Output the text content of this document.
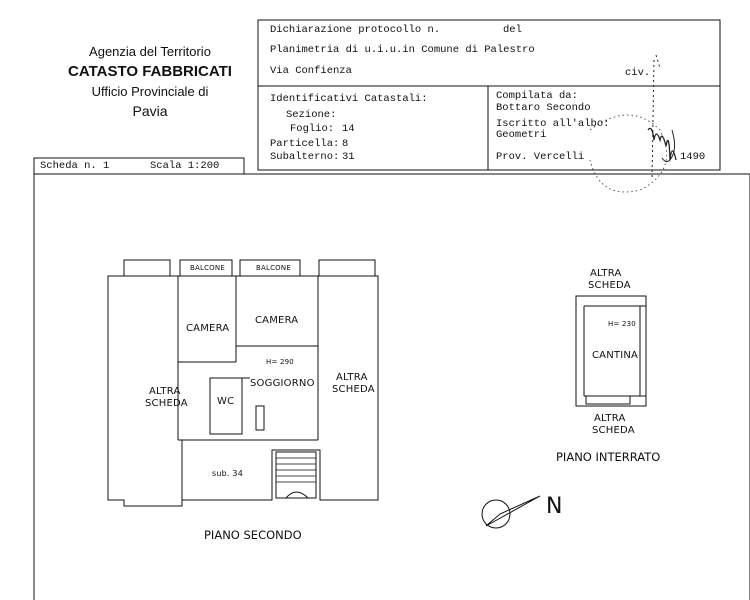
Agenzia del Territorio
CATASTO FABBRICATI
Ufficio Provinciale di
Pavia
Dichiarazione protocollo n.	del
Planimetria di u.i.u.in Comune di Palestro
Via Confienza	civ.
Identificativi Catastali:
Sezione:
Foglio: 14
Particella: 8
Subalterno: 31
Compilata da:
Bottaro Secondo
Iscritto all'albo:
Geometri
Prov. Vercelli	1490
Scheda n. 1	Scala 1:200
BALCONE	BALCONE
CAMERA
CAMERA
H= 290
SOGGIORNO
WC
ALTRA
SCHEDA
ALTRA
SCHEDA
sub. 34
PIANO SECONDO
ALTRA
SCHEDA
H= 230
CANTINA
ALTRA
SCHEDA
PIANO INTERRATO
N
